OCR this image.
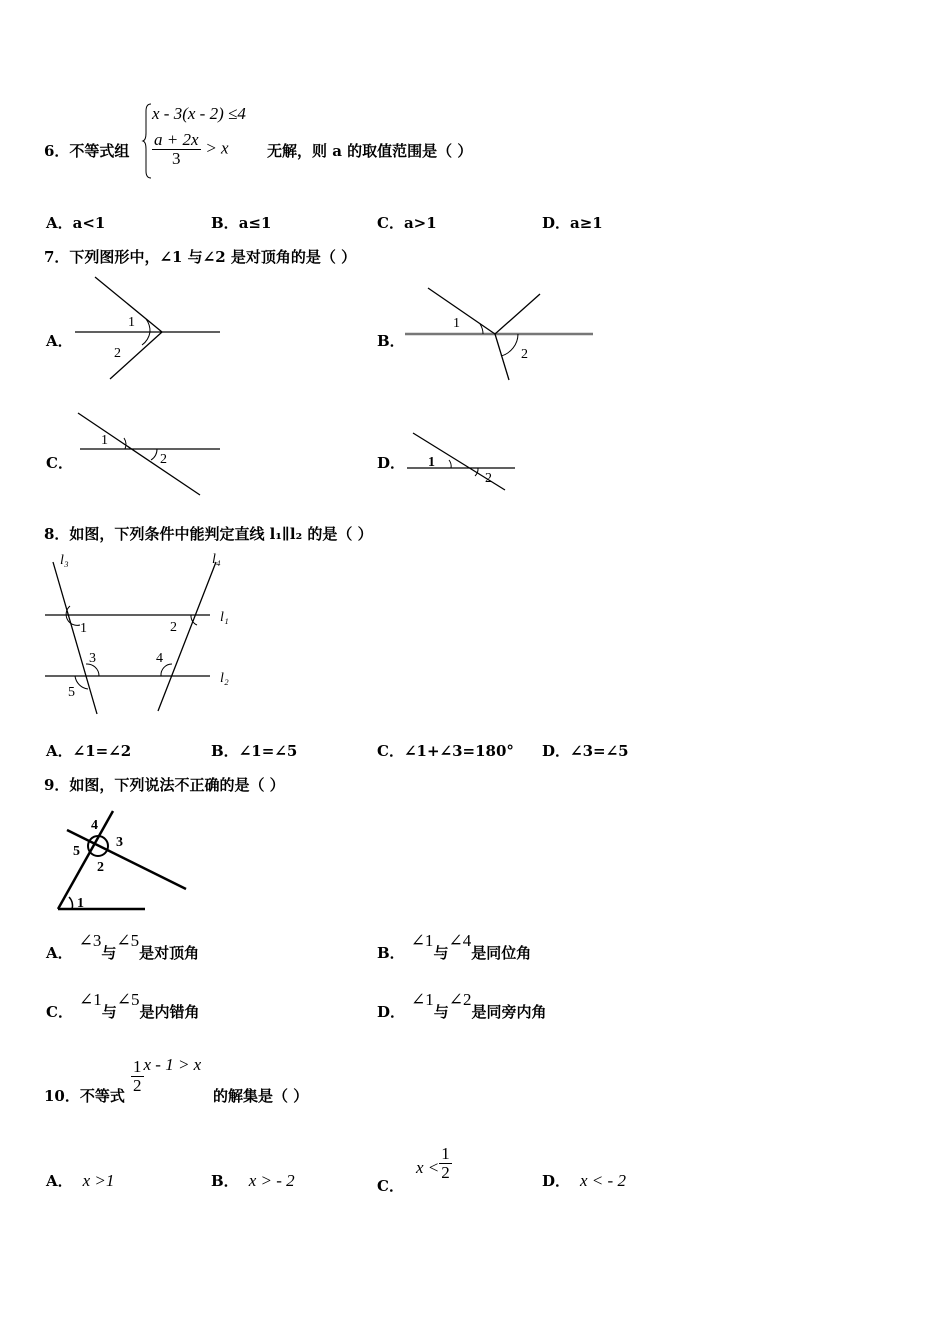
6．不等式组
x - 3(x - 2) ≤4
$\frac{a + 2x}{3} > x$	无解，则 a 的取值范围是（ ）
A．a<1	B．a≤1	C．a>1	D．a≥1
7．下列图形中，∠1 与∠2 是对顶角的是（ ）
A．
1
2
B．
1
2
C．
1
2	D． 1
2
8．如图，下列条件中能判定直线 l₁∥l₂ 的是（ ）
l₃	l₄
l₁
l₂
1	2
3	4
5
A．∠1=∠2	B．∠1=∠5	C．∠1+∠3=180° D．∠3=∠5
9．如图，下列说法不正确的是（ ）
4
5
3
2
1
A．∠3与∠5是对顶角	B．∠1与∠4是同位角
C．∠1与∠5是内错角	D．∠1与∠2是同旁内角
10．不等式
$\frac{1}{2}$ x - 1 > x
的解集是（ ）
A． x >1	B． x > - 2	C．$x < \frac{1}{2}$	D． x < - 2
